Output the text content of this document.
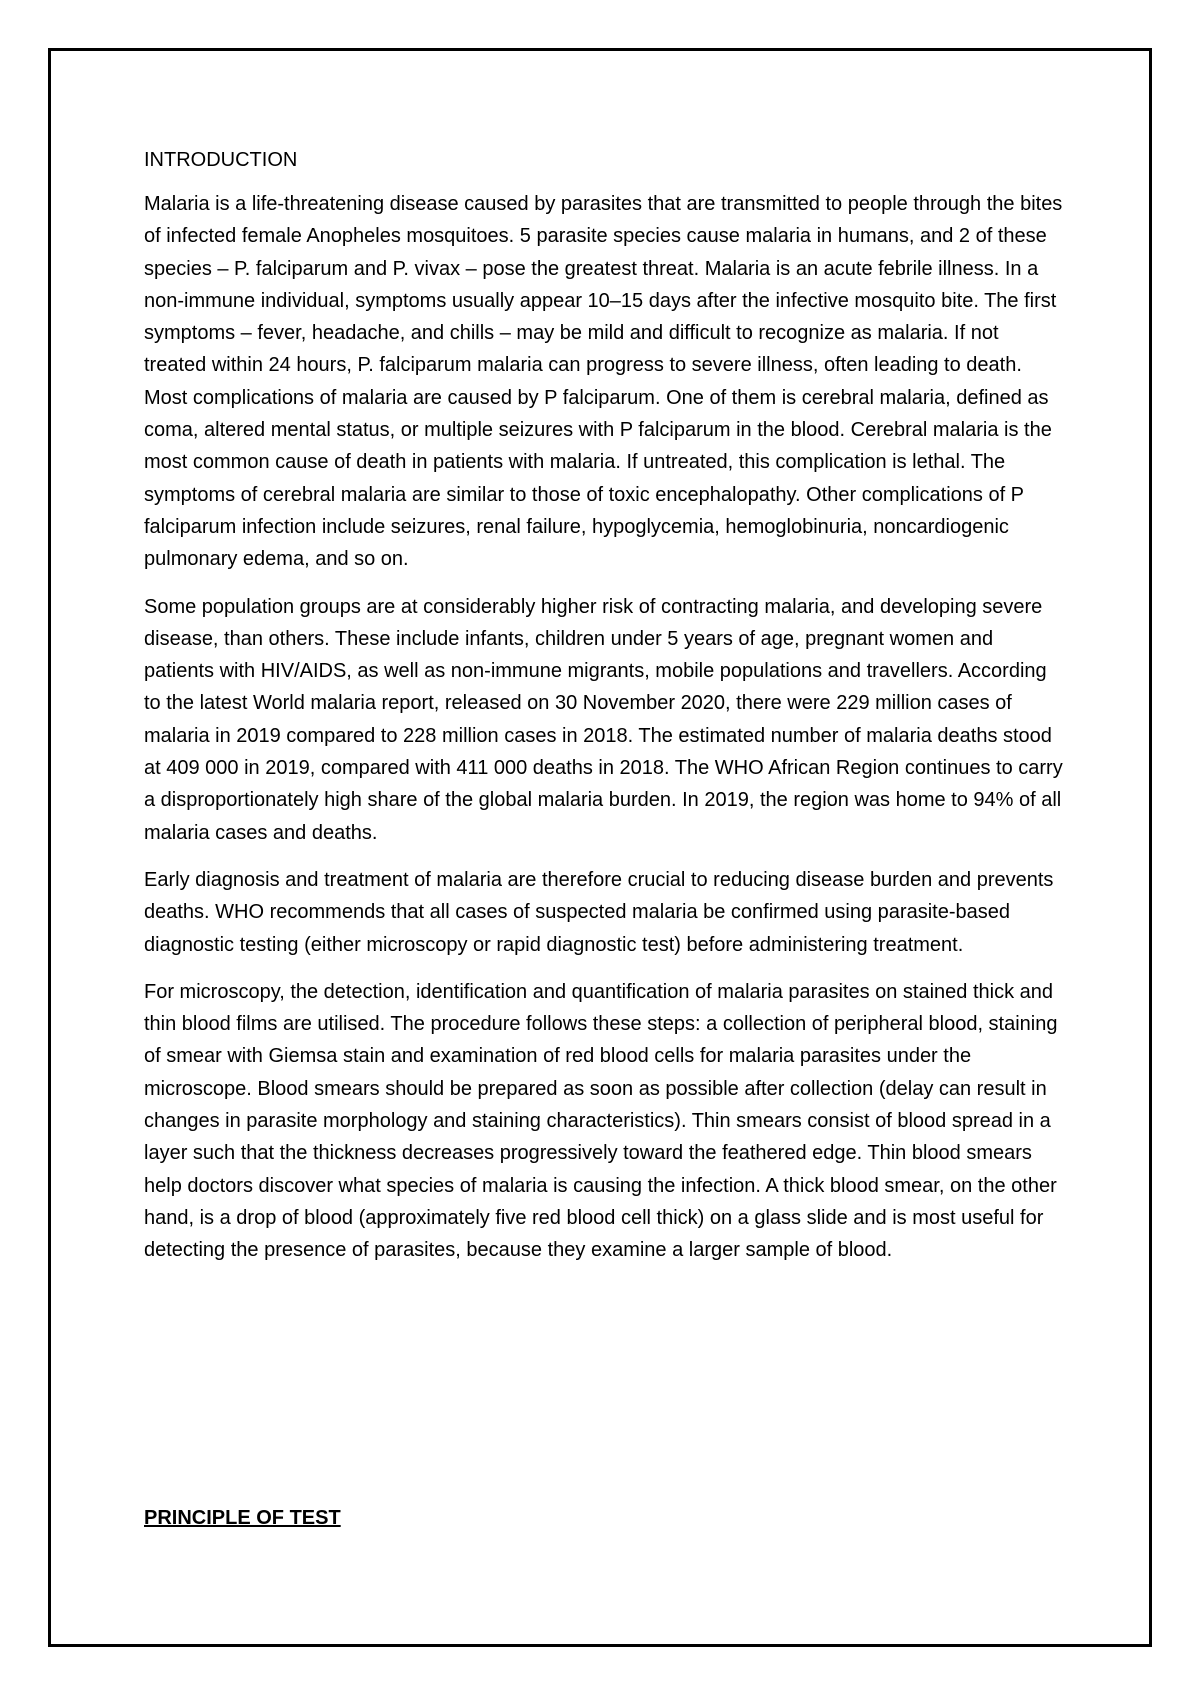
INTRODUCTION

Malaria is a life-threatening disease caused by parasites that are transmitted to people through the bites of infected female Anopheles mosquitoes. 5 parasite species cause malaria in humans, and 2 of these species – P. falciparum and P. vivax – pose the greatest threat. Malaria is an acute febrile illness. In a non-immune individual, symptoms usually appear 10–15 days after the infective mosquito bite. The first symptoms – fever, headache, and chills – may be mild and difficult to recognize as malaria. If not treated within 24 hours, P. falciparum malaria can progress to severe illness, often leading to death. Most complications of malaria are caused by P falciparum. One of them is cerebral malaria, defined as coma, altered mental status, or multiple seizures with P falciparum in the blood. Cerebral malaria is the most common cause of death in patients with malaria. If untreated, this complication is lethal. The symptoms of cerebral malaria are similar to those of toxic encephalopathy. Other complications of P falciparum infection include seizures, renal failure, hypoglycemia, hemoglobinuria, noncardiogenic pulmonary edema, and so on.

Some population groups are at considerably higher risk of contracting malaria, and developing severe disease, than others. These include infants, children under 5 years of age, pregnant women and patients with HIV/AIDS, as well as non-immune migrants, mobile populations and travellers. According to the latest World malaria report, released on 30 November 2020, there were 229 million cases of malaria in 2019 compared to 228 million cases in 2018. The estimated number of malaria deaths stood at 409 000 in 2019, compared with 411 000 deaths in 2018. The WHO African Region continues to carry a disproportionately high share of the global malaria burden. In 2019, the region was home to 94% of all malaria cases and deaths.

Early diagnosis and treatment of malaria are therefore crucial to reducing disease burden and prevents deaths. WHO recommends that all cases of suspected malaria be confirmed using parasite-based diagnostic testing (either microscopy or rapid diagnostic test) before administering treatment.

For microscopy, the detection, identification and quantification of malaria parasites on stained thick and thin blood films are utilised. The procedure follows these steps: a collection of peripheral blood, staining of smear with Giemsa stain and examination of red blood cells for malaria parasites under the microscope. Blood smears should be prepared as soon as possible after collection (delay can result in changes in parasite morphology and staining characteristics). Thin smears consist of blood spread in a layer such that the thickness decreases progressively toward the feathered edge. Thin blood smears help doctors discover what species of malaria is causing the infection. A thick blood smear, on the other hand, is a drop of blood (approximately five red blood cell thick) on a glass slide and is most useful for detecting the presence of parasites, because they examine a larger sample of blood.

PRINCIPLE OF TEST
